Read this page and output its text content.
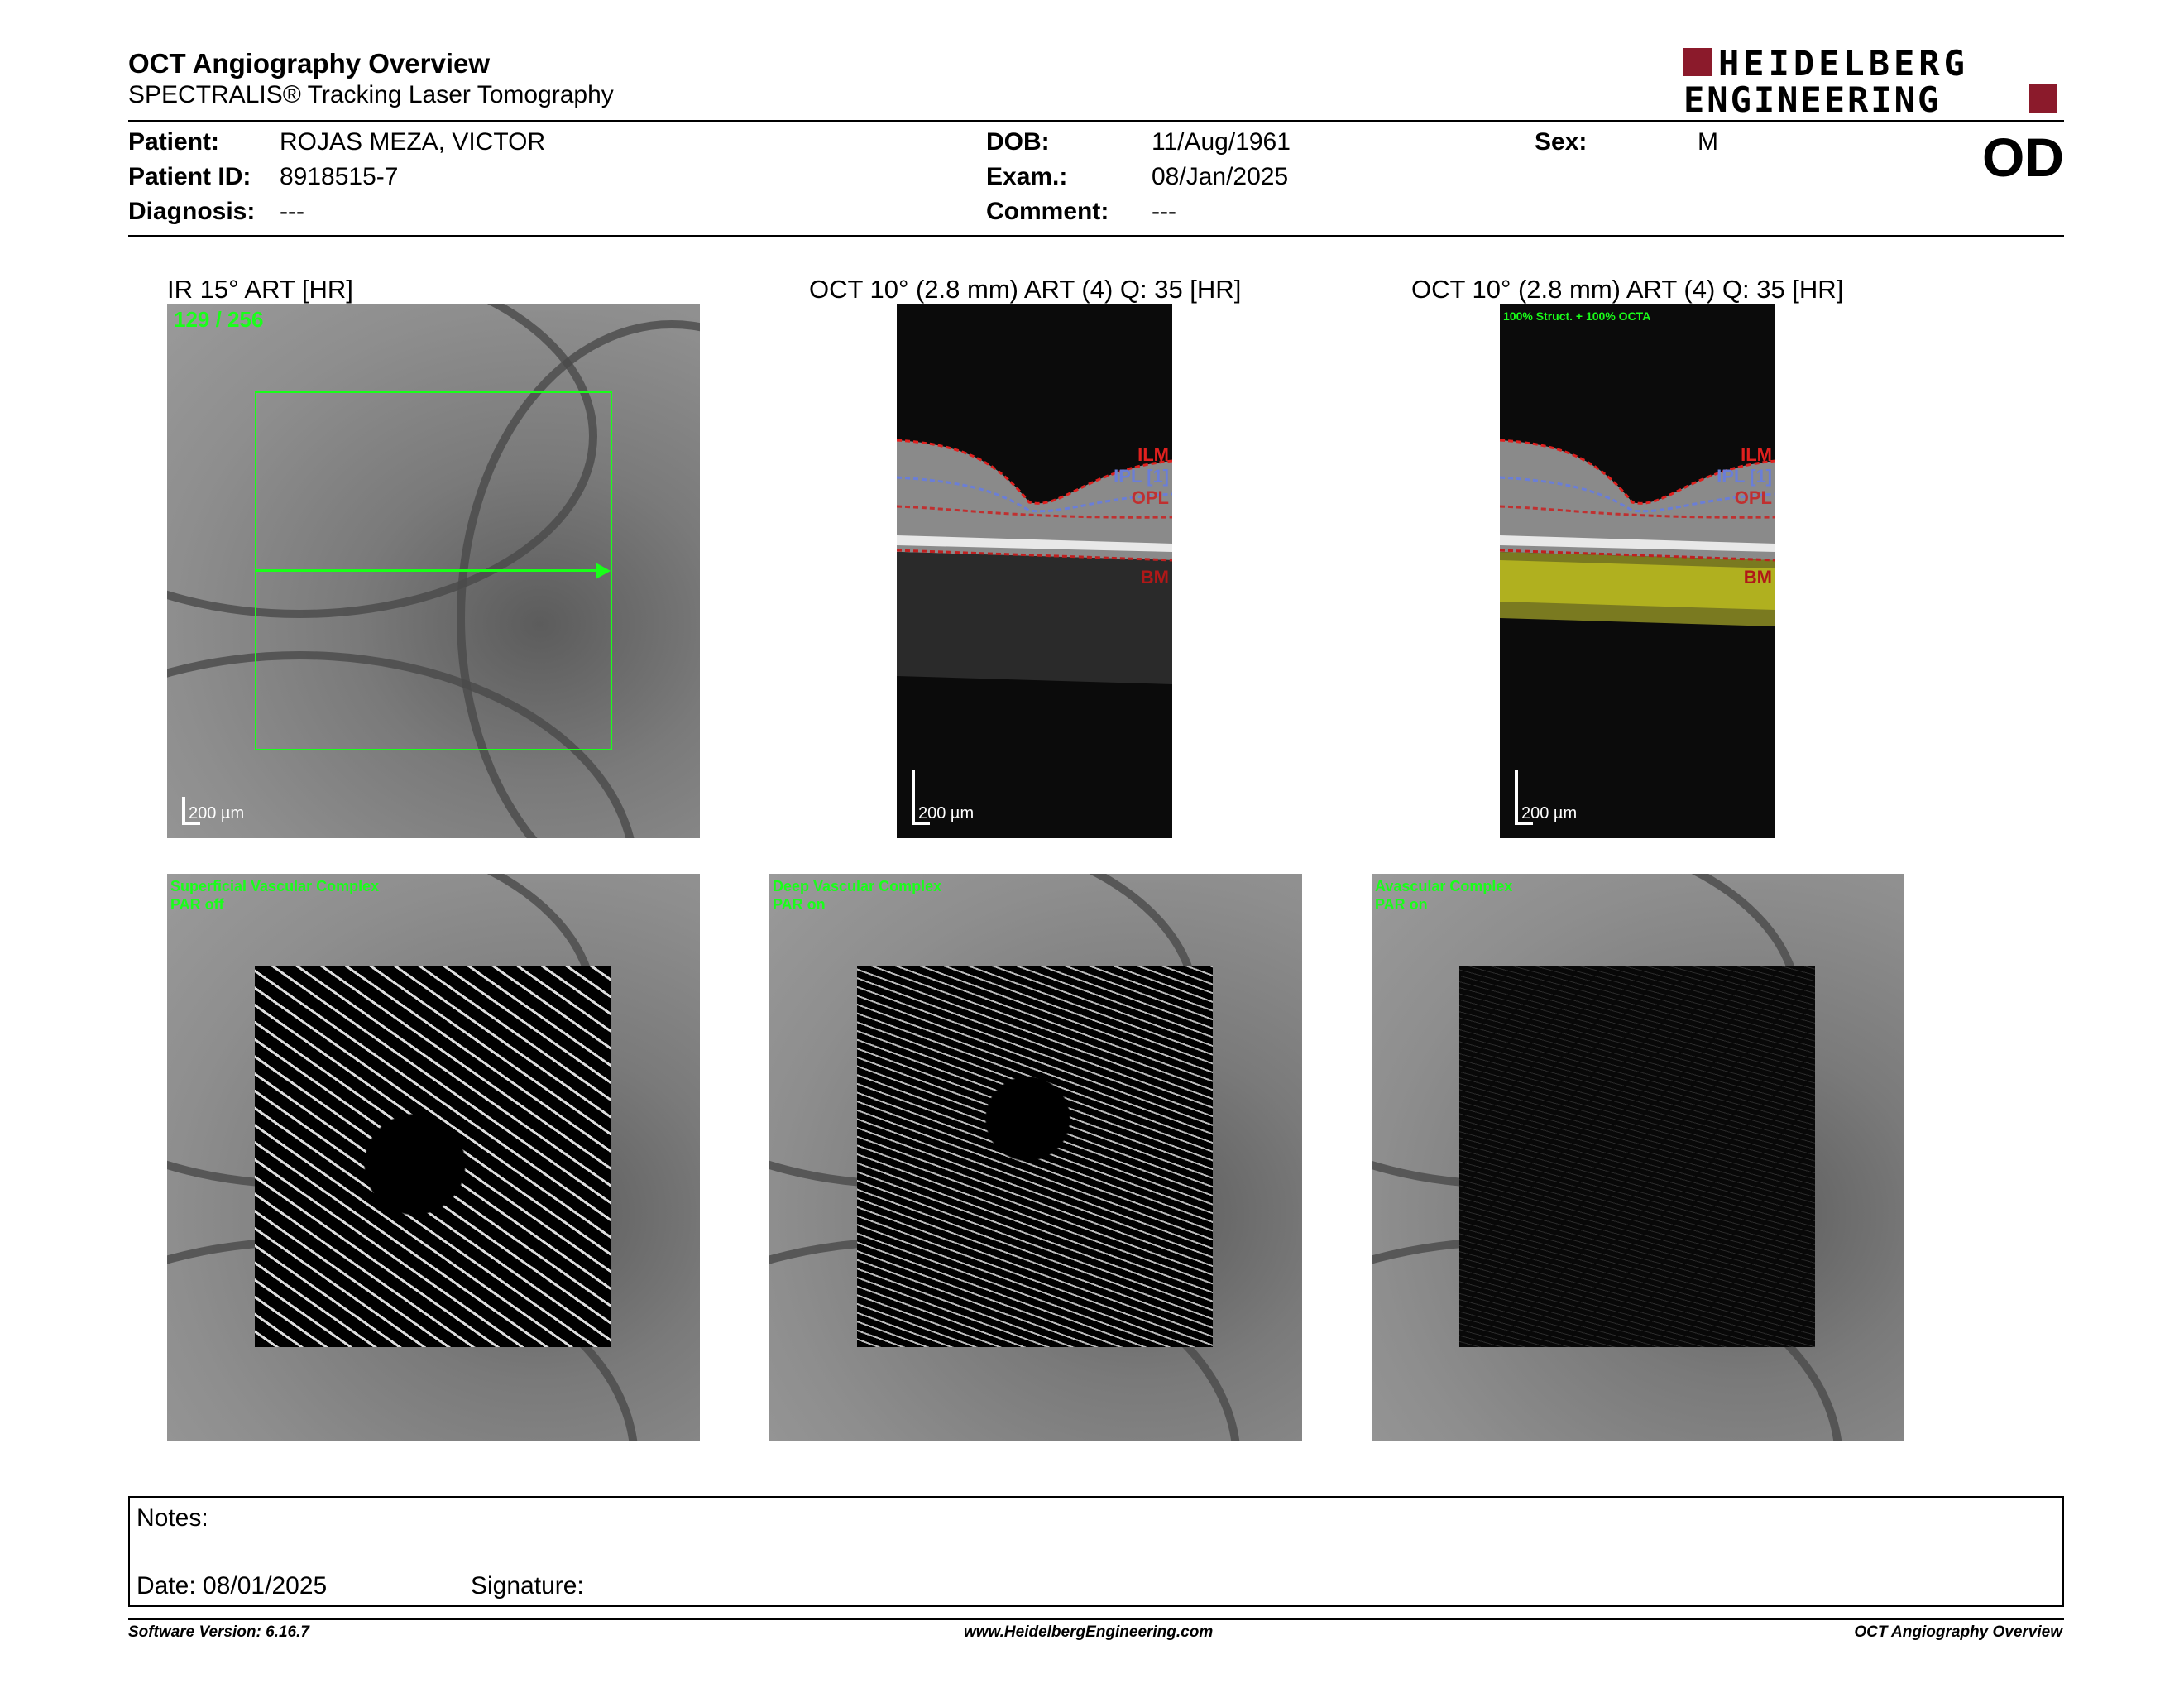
OCT Angiography Overview
SPECTRALIS® Tracking Laser Tomography
HEIDELBERG
ENGINEERING
Patient: ROJAS MEZA, VICTOR
Patient ID: 8918515-7
Diagnosis: ---
DOB:	11/Aug/1961
Exam.:	08/Jan/2025
Comment: ---
Sex:	M	OD
IR 15° ART [HR]	OCT 10° (2.8 mm) ART (4) Q: 35 [HR]	OCT 10° (2.8 mm) ART (4) Q: 35 [HR]
129 / 256
200 µm
ILM
IPL [1]
OPL
BM
200 µm
100% Struct. + 100% OCTA
ILM
IPL [1]
OPL
BM
200 µm
Superficial Vascular Complex
PAR off
Deep Vascular Complex
PAR on
Avascular Complex
PAR on
Notes:
Date: 08/01/2025	Signature:
Software Version: 6.16.7	www.HeidelbergEngineering.com	OCT Angiography Overview
